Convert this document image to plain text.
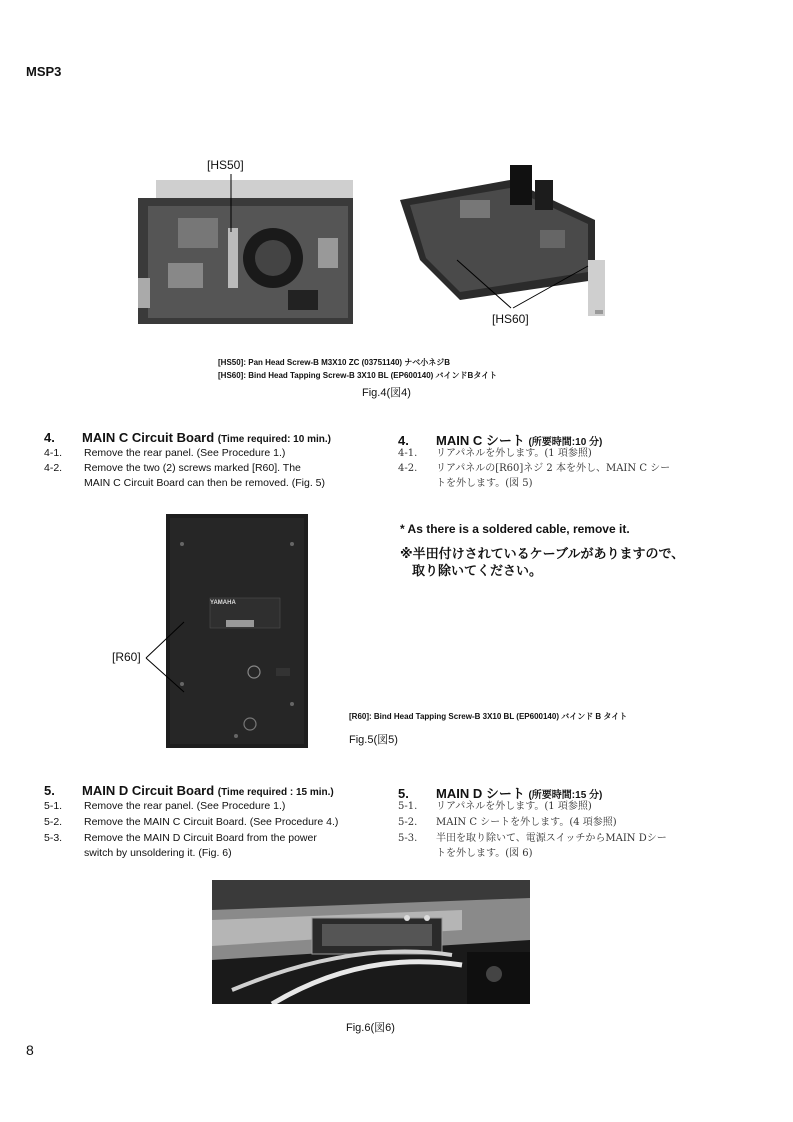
MSP3
8
[HS50]
[HS60]
[HS50]: Pan Head Screw-B M3X10 ZC (03751140) ナベ小ネジB
[HS60]: Bind Head Tapping Screw-B 3X10 BL (EP600140) バインドBタイト
Fig.4(図4)
4. MAIN C Circuit Board (Time required: 10 min.)
4-1. Remove the rear panel. (See Procedure 1.)
4-2. Remove the two (2) screws marked [R60]. The
MAIN C Circuit Board can then be removed. (Fig. 5)
4. MAIN C シート (所要時間:10 分)
4-1. リアパネルを外します。(1 項参照)
4-2. リアパネルの[R60]ネジ 2 本を外し、MAIN C シー
トを外します。(図 5)
* As there is a soldered cable, remove it.
※半田付けされているケーブルがありますので、
取り除いてください。
YAMAHA
[R60]
[R60]: Bind Head Tapping Screw-B 3X10 BL (EP600140) バインド B タイト
Fig.5(図5)
5. MAIN D Circuit Board (Time required : 15 min.)
5-1. Remove the rear panel. (See Procedure 1.)
5-2. Remove the MAIN C Circuit Board. (See Procedure 4.)
5-3. Remove the MAIN D Circuit Board from the power
switch by unsoldering it. (Fig. 6)
5. MAIN D シート (所要時間:15 分)
5-1. リアパネルを外します。(1 項参照)
5-2. MAIN C シートを外します。(4 項参照)
5-3. 半田を取り除いて、電源スイッチからMAIN Dシー
トを外します。(図 6)
Fig.6(図6)
